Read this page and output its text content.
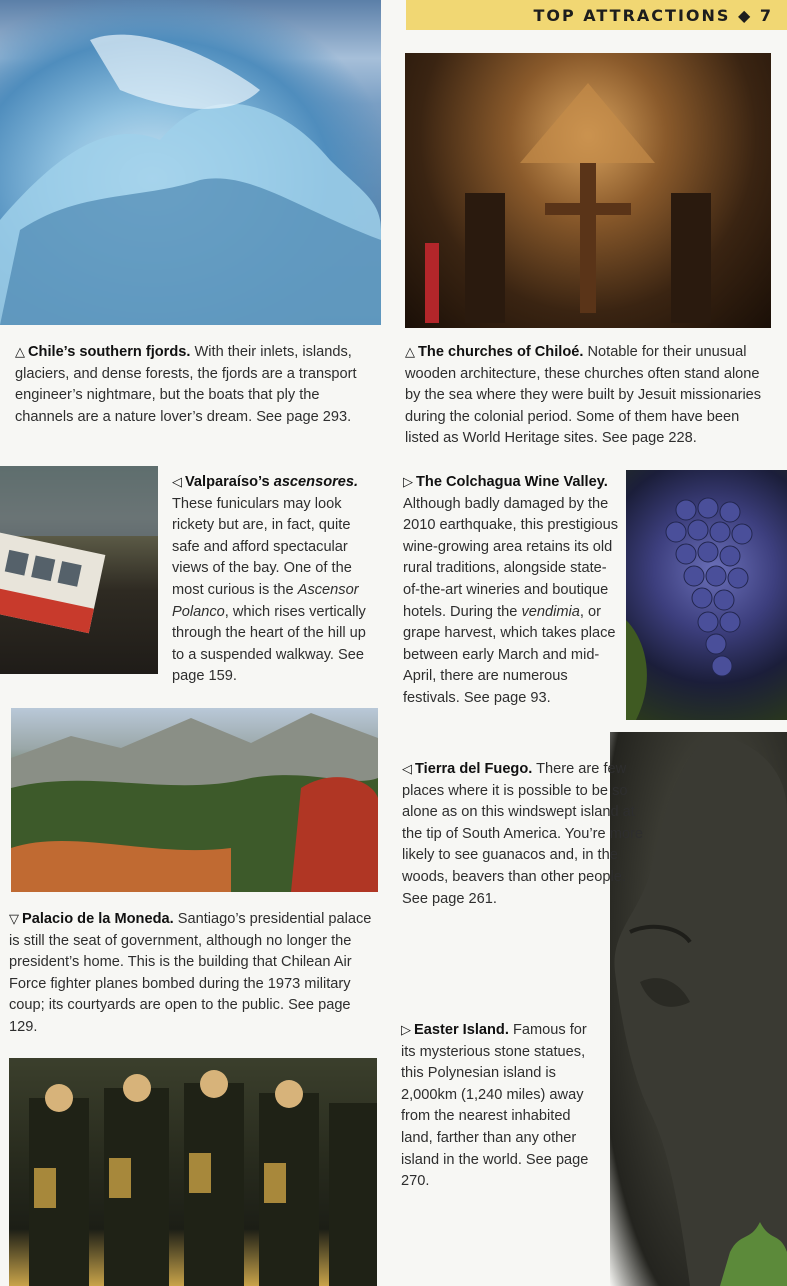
TOP ATTRACTIONS ◆ 7
△ Chile’s southern fjords. With their inlets, islands, glaciers, and dense forests, the fjords are a transport engineer’s nightmare, but the boats that ply the channels are a nature lover’s dream. See page 293.
△ The churches of Chiloé. Notable for their unusual wooden architecture, these churches often stand alone by the sea where they were built by Jesuit missionaries during the colonial period. Some of them have been listed as World Heritage sites. See page 228.
◁ Valparaíso’s ascensores. These funiculars may look rickety but are, in fact, quite safe and afford spectacular views of the bay. One of the most curious is the Ascensor Polanco, which rises vertically through the heart of the hill up to a suspended walkway. See page 159.
▷ The Colchagua Wine Valley. Although badly damaged by the 2010 earthquake, this prestigious wine-growing area retains its old rural traditions, alongside state-of-the-art wineries and boutique hotels. During the vendimia, or grape harvest, which takes place between early March and mid-April, there are numerous festivals. See page 93.
◁ Tierra del Fuego. There are few places where it is possible to be so alone as on this windswept island at the tip of South America. You’re more likely to see guanacos and, in the woods, beavers than other people. See page 261.
▽ Palacio de la Moneda. Santiago’s presidential palace is still the seat of government, although no longer the president’s home. This is the building that Chilean Air Force fighter planes bombed during the 1973 military coup; its courtyards are open to the public. See page 129.	▷ Easter Island. Famous for its mysterious stone statues, this Polynesian island is 2,000km (1,240 miles) away from the nearest inhabited land, farther than any other island in the world. See page 270.
